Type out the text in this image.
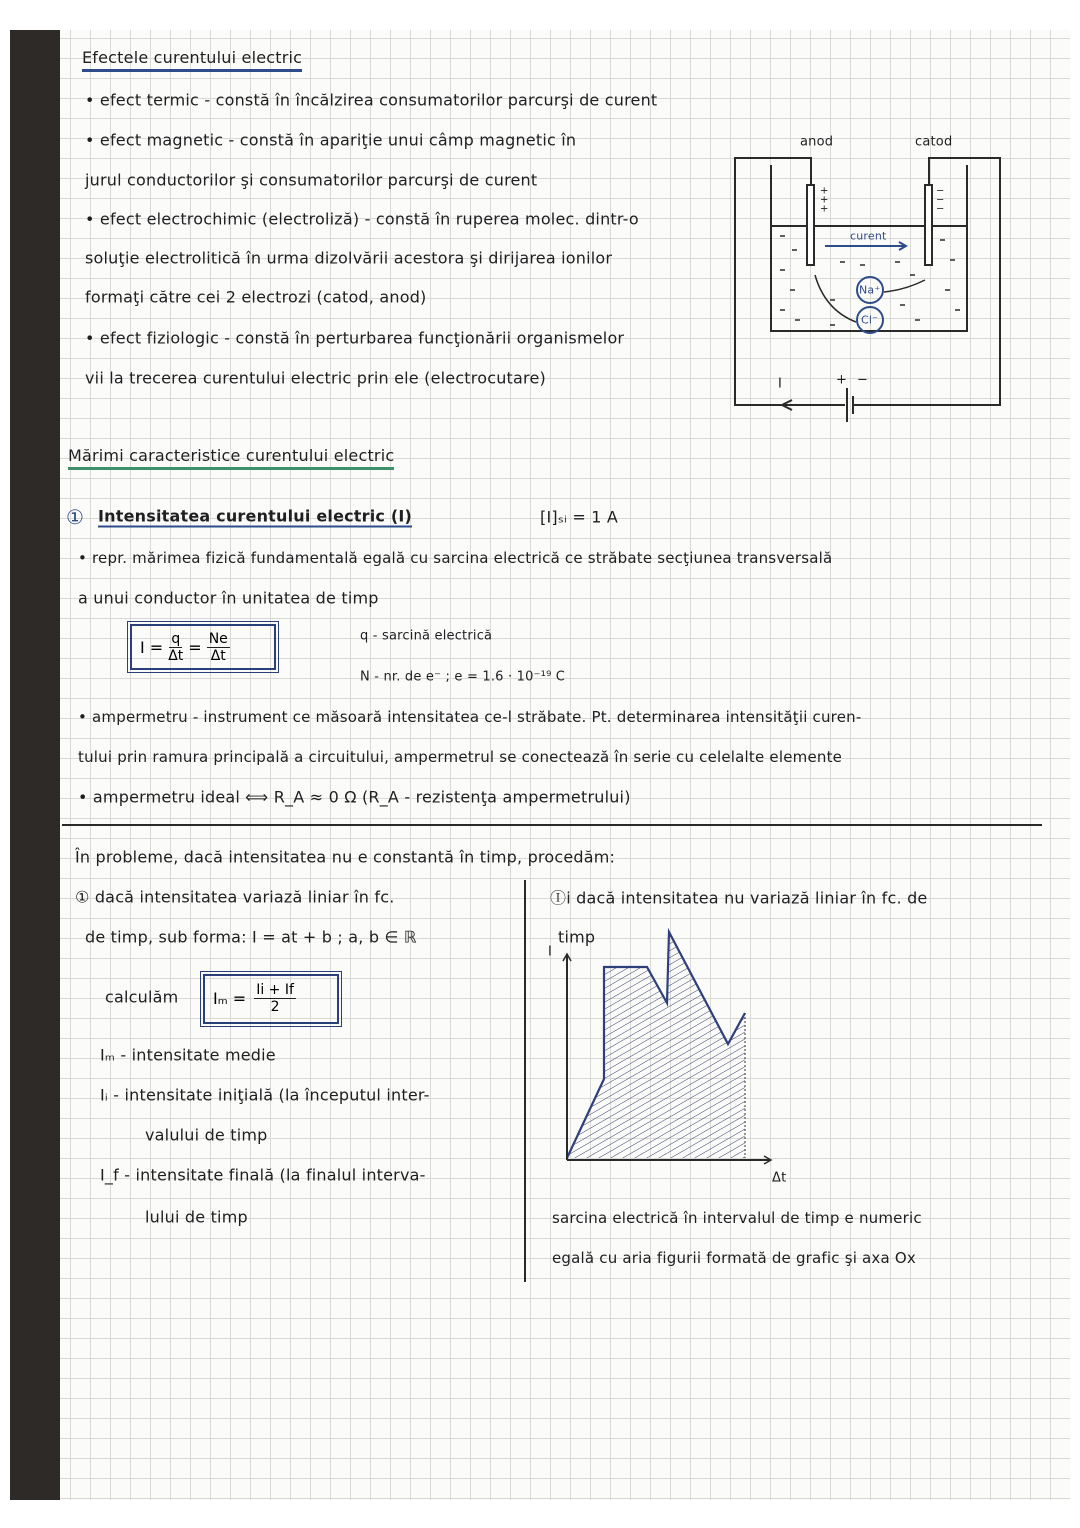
Efectele curentului electric
• efect termic - constă în încălzirea consumatorilor parcurşi de curent
• efect magnetic - constă în apariţie unui câmp magnetic în
jurul conductorilor şi consumatorilor parcurşi de curent
• efect electrochimic (electroliză) - constă în ruperea molec. dintr-o
soluţie electrolitică în urma dizolvării acestora şi dirijarea ionilor
formaţi către cei 2 electrozi (catod, anod)
• efect fiziologic - constă în perturbarea funcţionării organismelor
vii la trecerea curentului electric prin ele (electrocutare)
anod	catod
curent
Na⁺
Cl⁻
I	+ −
+ + +
− − −
Mărimi caracteristice curentului electric
① Intensitatea curentului electric (I)	[I]ₛᵢ = 1 A
• repr. mărimea fizică fundamentală egală cu sarcina electrică ce străbate secţiunea transversală
a unui conductor în unitatea de timp
$I = \frac{q}{\Delta t} = \frac{Ne}{\Delta t}$	q - sarcină electrică
N - nr. de e⁻ ; e = 1.6 · 10⁻¹⁹ C
• ampermetru - instrument ce măsoară intensitatea ce-l străbate. Pt. determinarea intensităţii curen-
tului prin ramura principală a circuitului, ampermetrul se conectează în serie cu celelalte elemente
• ampermetru ideal ⟺ R_A ≈ 0 Ω (R_A - rezistenţa ampermetrului)
În probleme, dacă intensitatea nu e constantă în timp, procedăm:
① dacă intensitatea variază liniar în fc.
de timp, sub forma: I = at + b ; a, b ∈ ℝ
calculăm $I_m = \frac{Ii + If}{2}$
Iₘ - intensitate medie
Iᵢ - intensitate iniţială (la începutul inter-
valului de timp
I_f - intensitate finală (la finalul interva-
lului de timp
Ⓘⅰ dacă intensitatea nu variază liniar în fc. de
timp
I
Δt
sarcina electrică în intervalul de timp e numeric
egală cu aria figurii formată de grafic şi axa Ox
